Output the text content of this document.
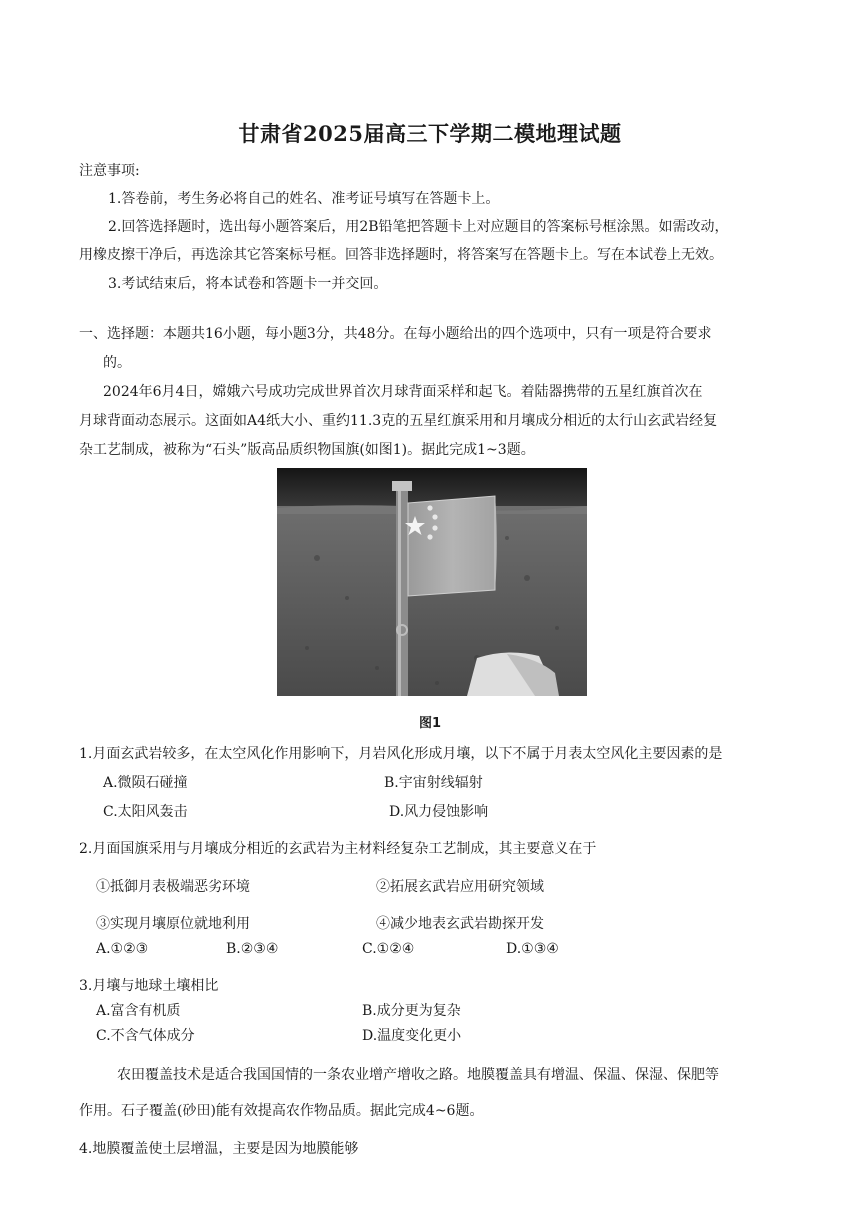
甘肃省2025届高三下学期二模地理试题
注意事项:
1.答卷前，考生务必将自己的姓名、准考证号填写在答题卡上。
2.回答选择题时，选出每小题答案后，用2B铅笔把答题卡上对应题目的答案标号框涂黑。如需改动，
用橡皮擦干净后，再选涂其它答案标号框。回答非选择题时，将答案写在答题卡上。写在本试卷上无效。
3.考试结束后，将本试卷和答题卡一并交回。
一、选择题：本题共16小题，每小题3分，共48分。在每小题给出的四个选项中，只有一项是符合要求
的。
2024年6月4日，嫦娥六号成功完成世界首次月球背面采样和起飞。着陆器携带的五星红旗首次在
月球背面动态展示。这面如A4纸大小、重约11.3克的五星红旗采用和月壤成分相近的太行山玄武岩经复
杂工艺制成，被称为“石头”版高品质织物国旗(如图1)。据此完成1~3题。
图1
1.月面玄武岩较多，在太空风化作用影响下，月岩风化形成月壤，以下不属于月表太空风化主要因素的是
A.微陨石碰撞	B.宇宙射线辐射
C.太阳风轰击	D.风力侵蚀影响
2.月面国旗采用与月壤成分相近的玄武岩为主材料经复杂工艺制成，其主要意义在于
①抵御月表极端恶劣环境	②拓展玄武岩应用研究领域
③实现月壤原位就地利用	④减少地表玄武岩勘探开发
A.①②③	B.②③④	C.①②④	D.①③④
3.月壤与地球土壤相比
A.富含有机质	B.成分更为复杂
C.不含气体成分	D.温度变化更小
农田覆盖技术是适合我国国情的一条农业增产增收之路。地膜覆盖具有增温、保温、保湿、保肥等
作用。石子覆盖(砂田)能有效提高农作物品质。据此完成4~6题。
4.地膜覆盖使土层增温，主要是因为地膜能够
